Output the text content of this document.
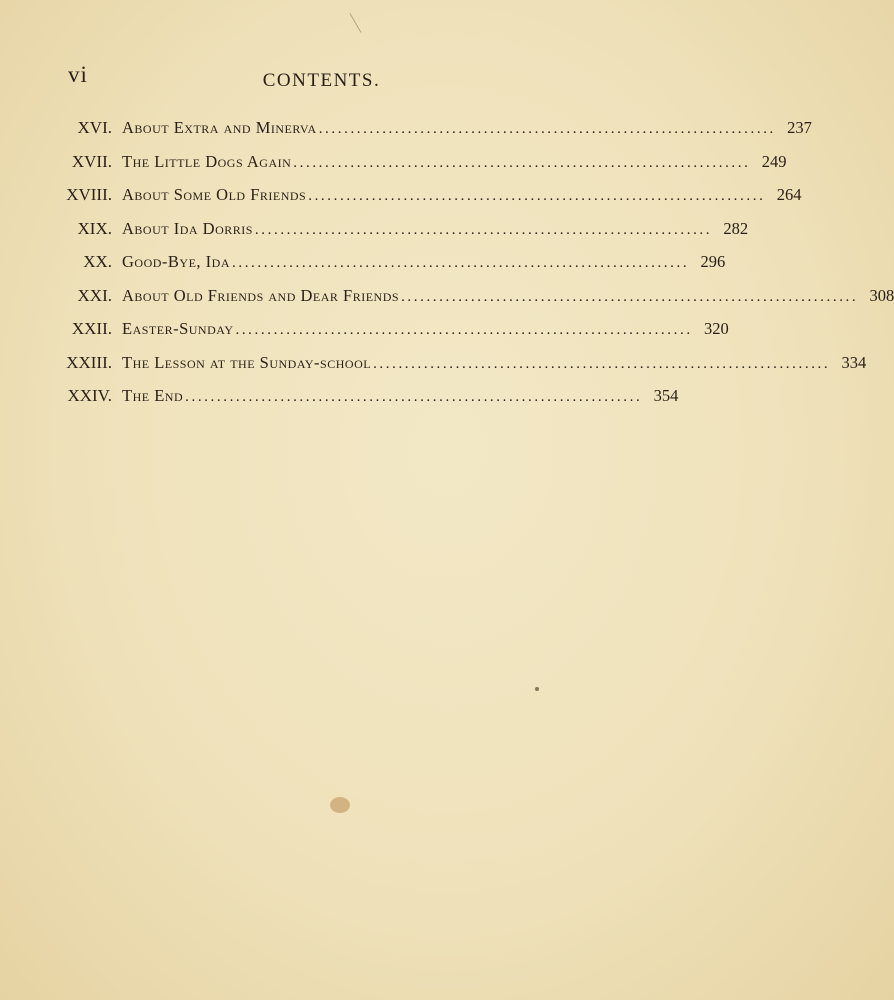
vi	CONTENTS.
XVI. About Extra and Minerva ........................................................................ 237
XVII. The Little Dogs Again ........................................................................ 249
XVIII. About Some Old Friends ........................................................................ 264
XIX. About Ida Dorris ........................................................................ 282
XX. Good-Bye, Ida ........................................................................ 296
XXI. About Old Friends and Dear Friends ........................................................................ 308
XXII. Easter-Sunday ........................................................................ 320
XXIII. The Lesson at the Sunday-school ........................................................................ 334
XXIV. The End ........................................................................ 354
